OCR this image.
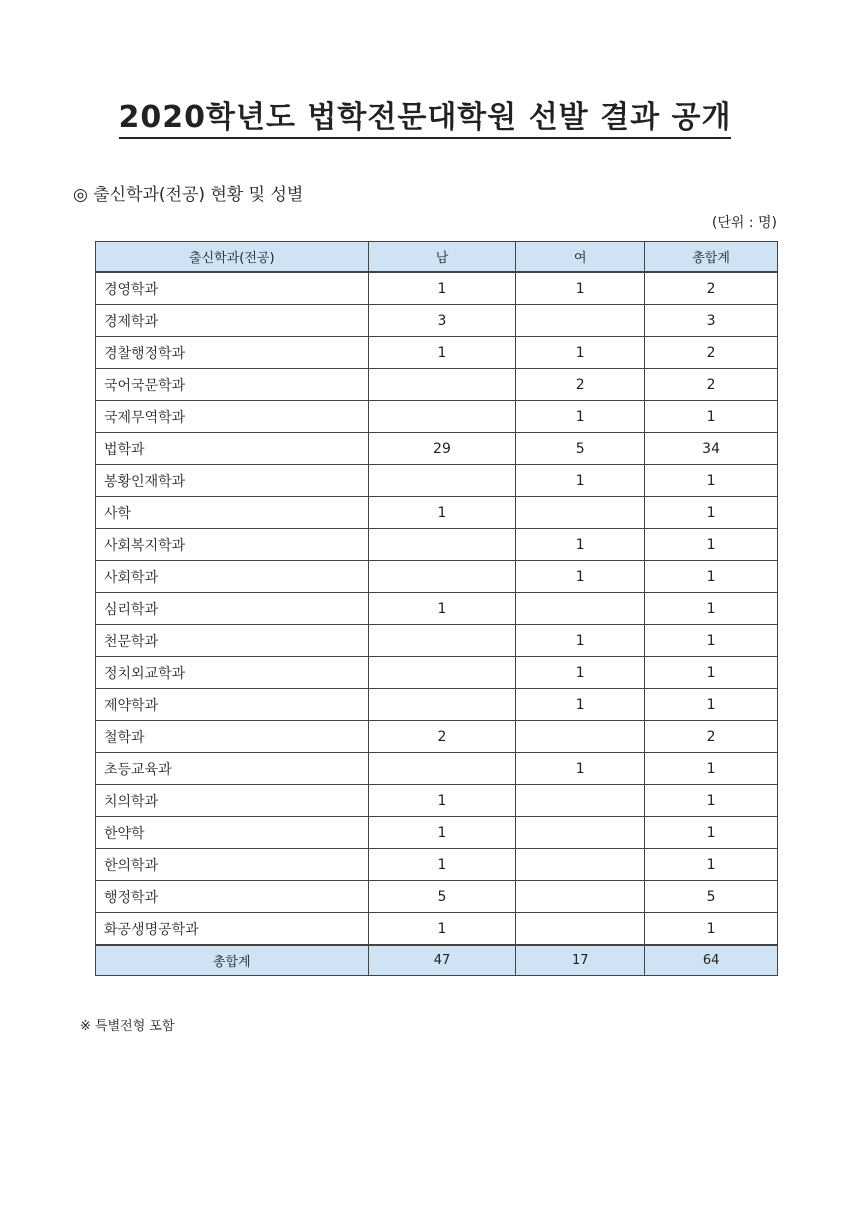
2020학년도 법학전문대학원 선발 결과 공개
◎ 출신학과(전공) 현황 및 성별
(단위 : 명)
출신학과(전공)	남	여	총합계
경영학과	1	1	2
경제학과	3		3
경찰행정학과	1	1	2
국어국문학과		2	2
국제무역학과		1	1
법학과	29	5	34
봉황인재학과		1	1
사학	1		1
사회복지학과		1	1
사회학과		1	1
심리학과	1		1
천문학과		1	1
정치외교학과		1	1
제약학과		1	1
철학과	2		2
초등교육과		1	1
치의학과	1		1
한약학	1		1
한의학과	1		1
행정학과	5		5
화공생명공학과	1		1
총합계	47	17	64
※ 특별전형 포함
